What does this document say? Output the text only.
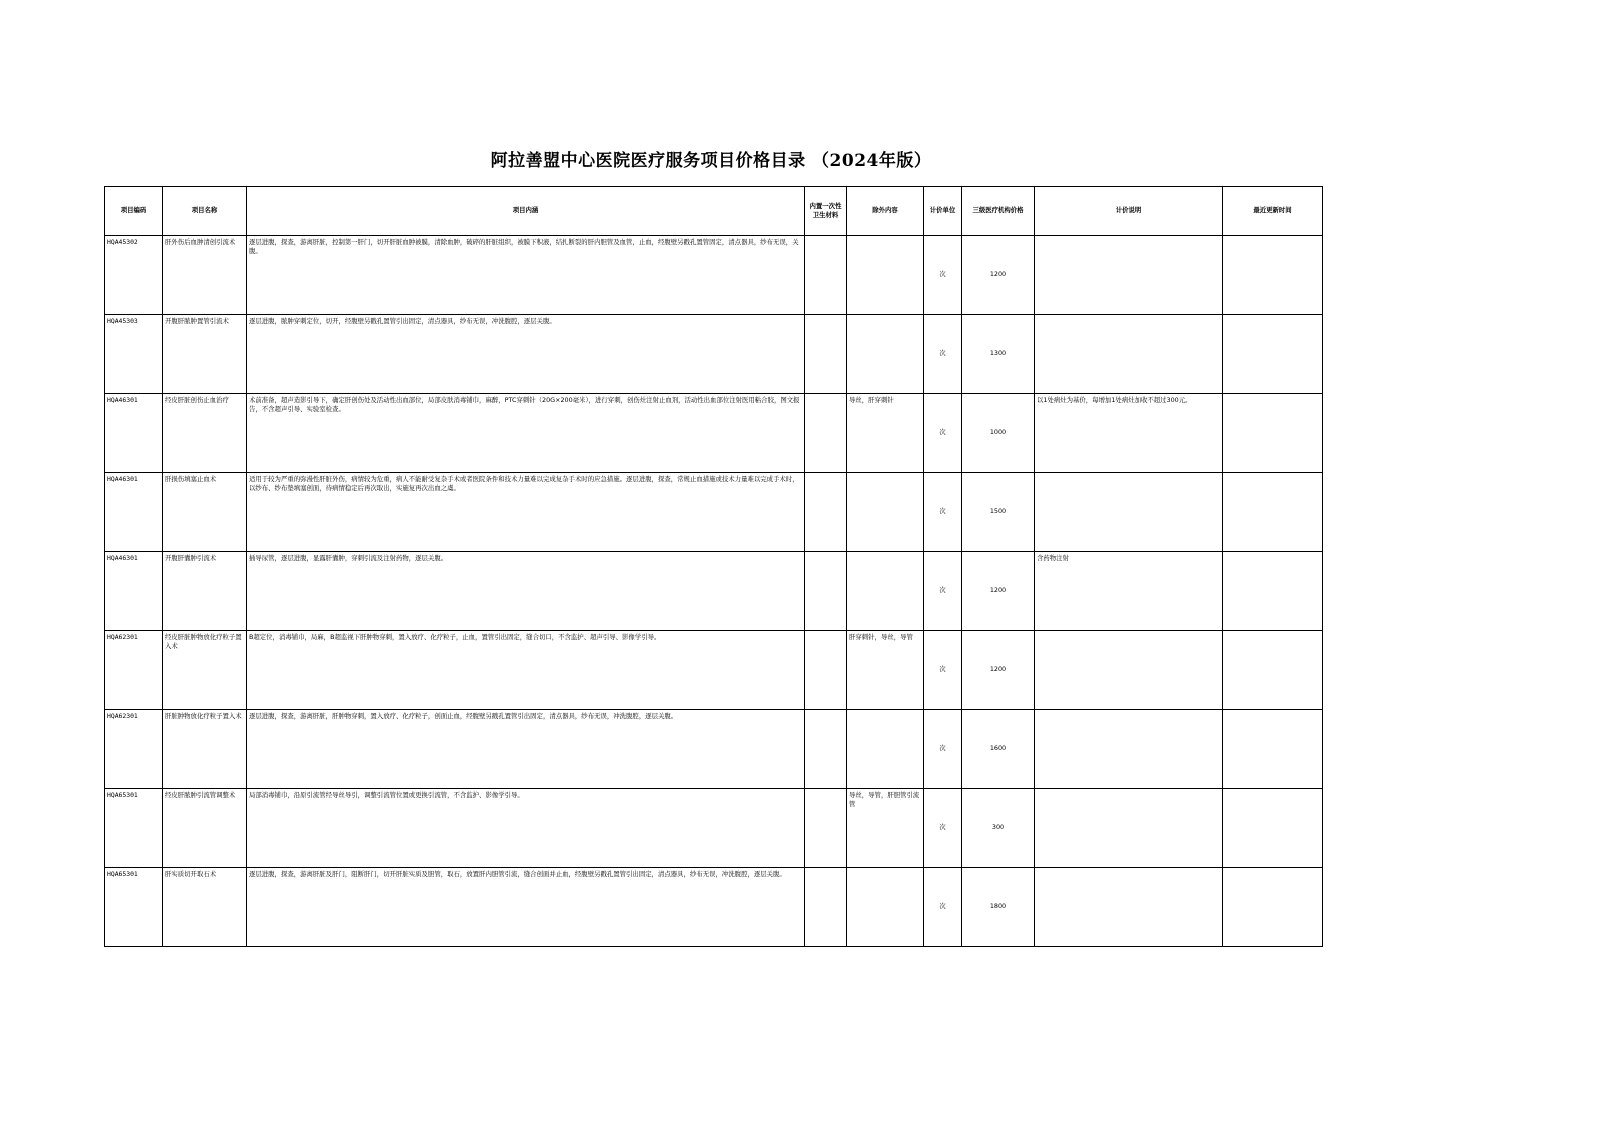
阿拉善盟中心医院医疗服务项目价格目录 （2024年版）
项目编码	项目名称	项目内涵	内置一次性卫生材料	除外内容	计价单位	三级医疗机构价格	计价说明	最近更新时间
HQA45302	肝外伤后血肿清创引流术	逐层进腹，探查，游离肝脏，控制第一肝门，切开肝脏血肿被膜，清除血肿，破碎的肝脏组织，被膜下积液，结扎断裂的肝内胆管及血管，止血，经腹壁另戳孔置管固定，清点器具，纱布无误，关腹。			次	1200		
HQA45303	开腹肝脓肿置管引流术	逐层进腹，脓肿穿刺定位，切开，经腹壁另戳孔置管引出固定，清点器具，纱布无误，冲洗腹腔，逐层关腹。			次	1300		
HQA46301	经皮肝脏创伤止血治疗	术前准备，超声造影引导下，确定肝创伤处及活动性出血部位，局部皮肤消毒铺巾，麻醉，PTC穿刺针（20G×200毫米），进行穿刺，创伤灶注射止血剂，活动性出血部位注射医用粘合胶，图文报告，不含超声引导、实验室检查。		导丝，肝穿刺针	次	1000	以1处病灶为基价，每增加1处病灶加收不超过300元。	
HQA46301	肝损伤填塞止血术	适用于较为严重的弥漫性肝脏外伤，病情较为危重，病人不能耐受复杂手术或者医院条件和技术力量难以完成复杂手术时的应急措施。逐层进腹，探查，常规止血措施或技术力量难以完成手术时，以纱布、纱布垫填塞创面，待病情稳定后再次取出，实施复再次出血之虞。			次	1500		
HQA46301	开腹肝囊肿引流术	插导尿管，逐层进腹，显露肝囊肿，穿刺引流及注射药物，逐层关腹。			次	1200	含药物注射	
HQA62301	经皮肝脏肿物放化疗粒子置入术	B超定位，消毒铺巾，局麻，B超监视下肝肿物穿刺，置入放疗、化疗粒子，止血，置管引出固定，缝合切口，不含监护、超声引导、影像学引导。		肝穿刺针，导丝，导管	次	1200		
HQA62301	肝脏肿物放化疗粒子置入术	逐层进腹，探查，游离肝脏，肝肿物穿刺，置入放疗、化疗粒子，创面止血，经腹壁另戳孔置管引出固定，清点器具，纱布无误，冲洗腹腔，逐层关腹。			次	1600		
HQA65301	经皮肝脓肿引流管调整术	局部消毒铺巾，沿原引流管经导丝导引，调整引流管位置或更换引流管，不含监护、影像学引导。		导丝，导管，肝胆管引流管	次	300		
HQA65301	肝实质切开取石术	逐层进腹，探查，游离肝脏及肝门，阻断肝门，切开肝脏实质及胆管，取石，放置肝内胆管引流，缝合创面并止血，经腹壁另戳孔置管引出固定，清点器具，纱布无误，冲洗腹腔，逐层关腹。			次	1800		
